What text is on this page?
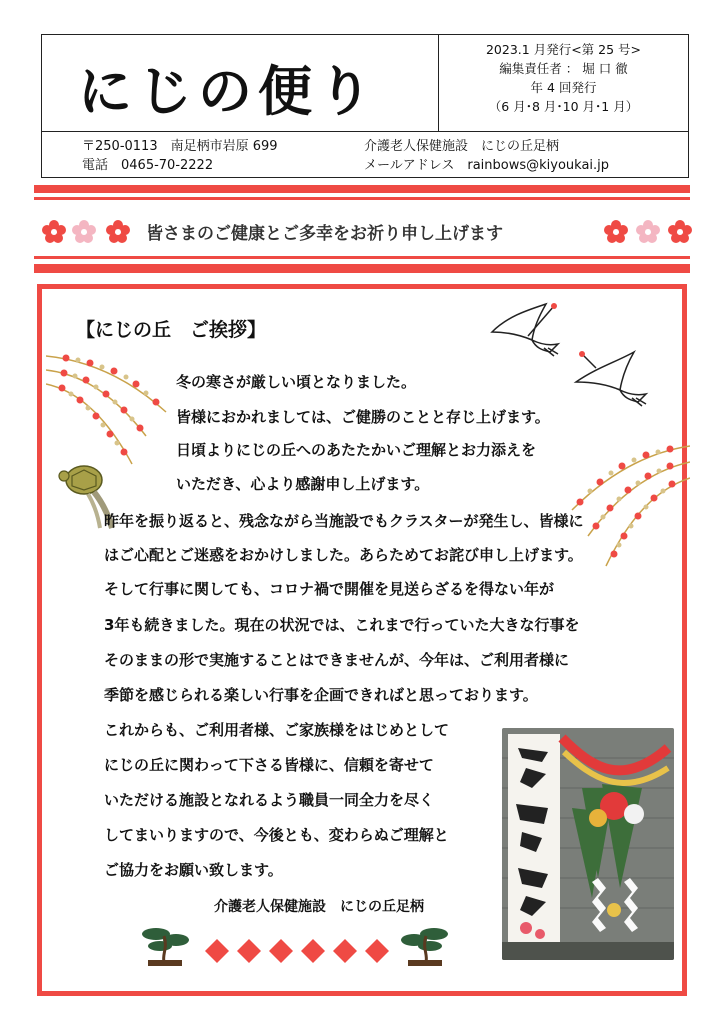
にじの便り
2023.1 月発行<第 25 号>
編集責任者 ： 堀 口 徹
年 4 回発行
（6 月･8 月･10 月･1 月）
〒250-0113　南足柄市岩原 699
電話　0465-70-2222
介護老人保健施設　にじの丘足柄
メールアドレス　rainbows@kiyoukai.jp
皆さまのご健康とご多幸をお祈り申し上げます
【にじの丘　ご挨拶】
冬の寒さが厳しい頃となりました。
皆様におかれましては、ご健勝のことと存じ上げます。
日頃よりにじの丘へのあたたかいご理解とお力添えを
いただき、心より感謝申し上げます。
昨年を振り返ると、残念ながら当施設でもクラスターが発生し、皆様に
はご心配とご迷惑をおかけしました。あらためてお詫び申し上げます。
そして行事に関しても、コロナ禍で開催を見送らざるを得ない年が
3年も続きました。現在の状況では、これまで行っていた大きな行事を
そのままの形で実施することはできませんが、今年は、ご利用者様に
季節を感じられる楽しい行事を企画できればと思っております。
これからも、ご利用者様、ご家族様をはじめとして
にじの丘に関わって下さる皆様に、信頼を寄せて
いただける施設となれるよう職員一同全力を尽く
してまいりますので、今後とも、変わらぬご理解と
ご協力をお願い致します。
介護老人保健施設　にじの丘足柄
